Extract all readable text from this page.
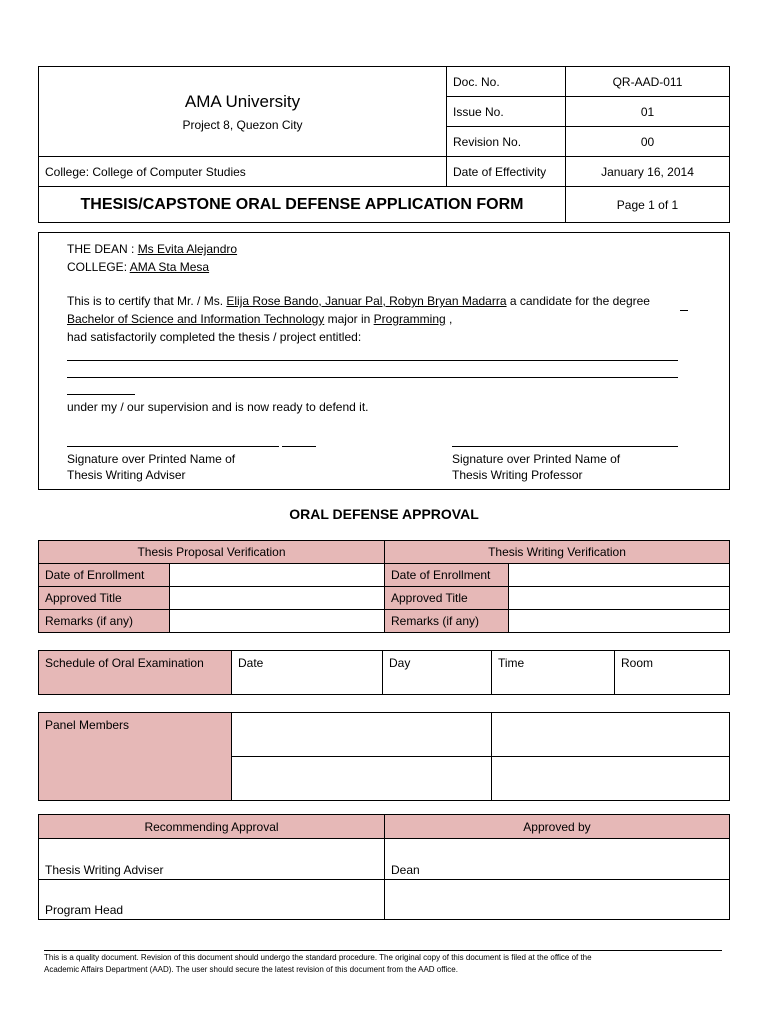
AMA University
Project 8, Quezon City	Doc. No.	QR-AAD-011
	Issue No.	01
	Revision No.	00
College: College of Computer Studies	Date of Effectivity	January 16, 2014
THESIS/CAPSTONE ORAL DEFENSE APPLICATION FORM		Page 1 of 1
THE DEAN : Ms Evita Alejandro
COLLEGE: AMA Sta Mesa
This is to certify that Mr. / Ms. Elija Rose Bando, Januar Pal, Robyn Bryan Madarra a candidate for the degree
Bachelor of Science and Information Technology major in Programming ,
had satisfactorily completed the thesis / project entitled:
under my / our supervision and is now ready to defend it.
Signature over Printed Name of
Thesis Writing Adviser
Signature over Printed Name of
Thesis Writing Professor
ORAL DEFENSE APPROVAL
Thesis Proposal Verification		Thesis Writing Verification	
Date of Enrollment		Date of Enrollment	
Approved Title		Approved Title	
Remarks (if any)		Remarks (if any)	
Schedule of Oral Examination	Date	Day	Time	Room
Panel Members		

Recommending Approval	Approved by
Thesis Writing Adviser	Dean
Program Head	
This is a quality document. Revision of this document should undergo the standard procedure. The original copy of this document is filed at the office of the
Academic Affairs Department (AAD). The user should secure the latest revision of this document from the AAD office.
